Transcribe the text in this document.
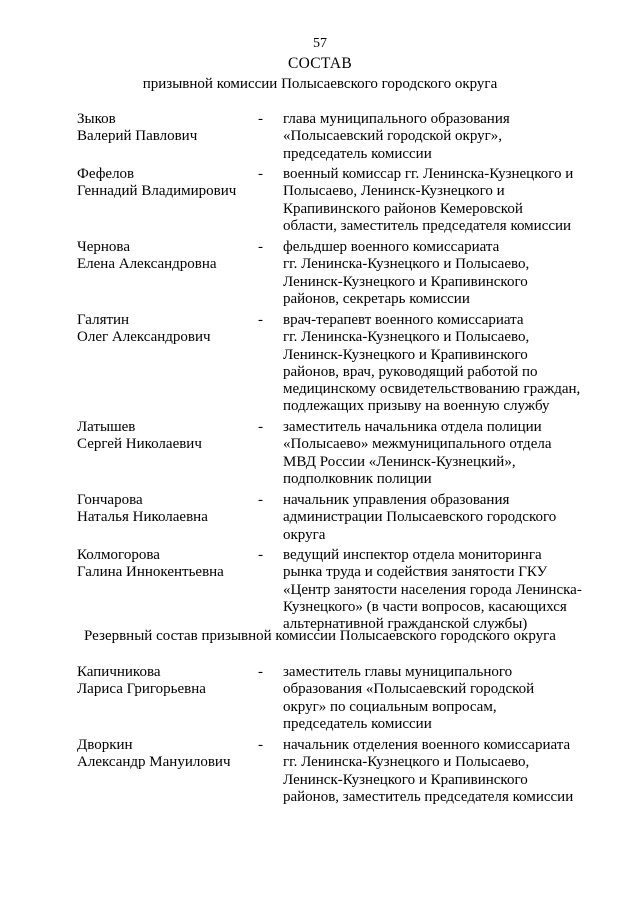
57
СОСТАВ
призывной комиссии Полысаевского городского округа
Зыков
Валерий Павлович
-	глава муниципального образования
«Полысаевский городской округ»,
председатель комиссии
Фефелов
Геннадий Владимирович
-	военный комиссар гг. Ленинска-Кузнецкого и
Полысаево, Ленинск-Кузнецкого и
Крапивинского районов Кемеровской
области, заместитель председателя комиссии
Чернова
Елена Александровна
-	фельдшер военного комиссариата
гг. Ленинска-Кузнецкого и Полысаево,
Ленинск-Кузнецкого и Крапивинского
районов, секретарь комиссии
Галятин
Олег Александрович
-	врач-терапевт военного комиссариата
гг. Ленинска-Кузнецкого и Полысаево,
Ленинск-Кузнецкого и Крапивинского
районов, врач, руководящий работой по
медицинскому освидетельствованию граждан,
подлежащих призыву на военную службу
Латышев
Сергей Николаевич
-	заместитель начальника отдела полиции
«Полысаево» межмуниципального отдела
МВД России «Ленинск-Кузнецкий»,
подполковник полиции
Гончарова
Наталья Николаевна
-	начальник управления образования
администрации Полысаевского городского
округа
Колмогорова
Галина Иннокентьевна
-	ведущий инспектор отдела мониторинга
рынка труда и содействия занятости ГКУ
«Центр занятости населения города Ленинска-
Кузнецкого» (в части вопросов, касающихся
альтернативной гражданской службы)
Резервный состав призывной комиссии Полысаевского городского округа
Капичникова
Лариса Григорьевна
-	заместитель главы муниципального
образования «Полысаевский городской
округ» по социальным вопросам,
председатель комиссии
Дворкин
Александр Мануилович
-	начальник отделения военного комиссариата
гг. Ленинска-Кузнецкого и Полысаево,
Ленинск-Кузнецкого и Крапивинского
районов, заместитель председателя комиссии
